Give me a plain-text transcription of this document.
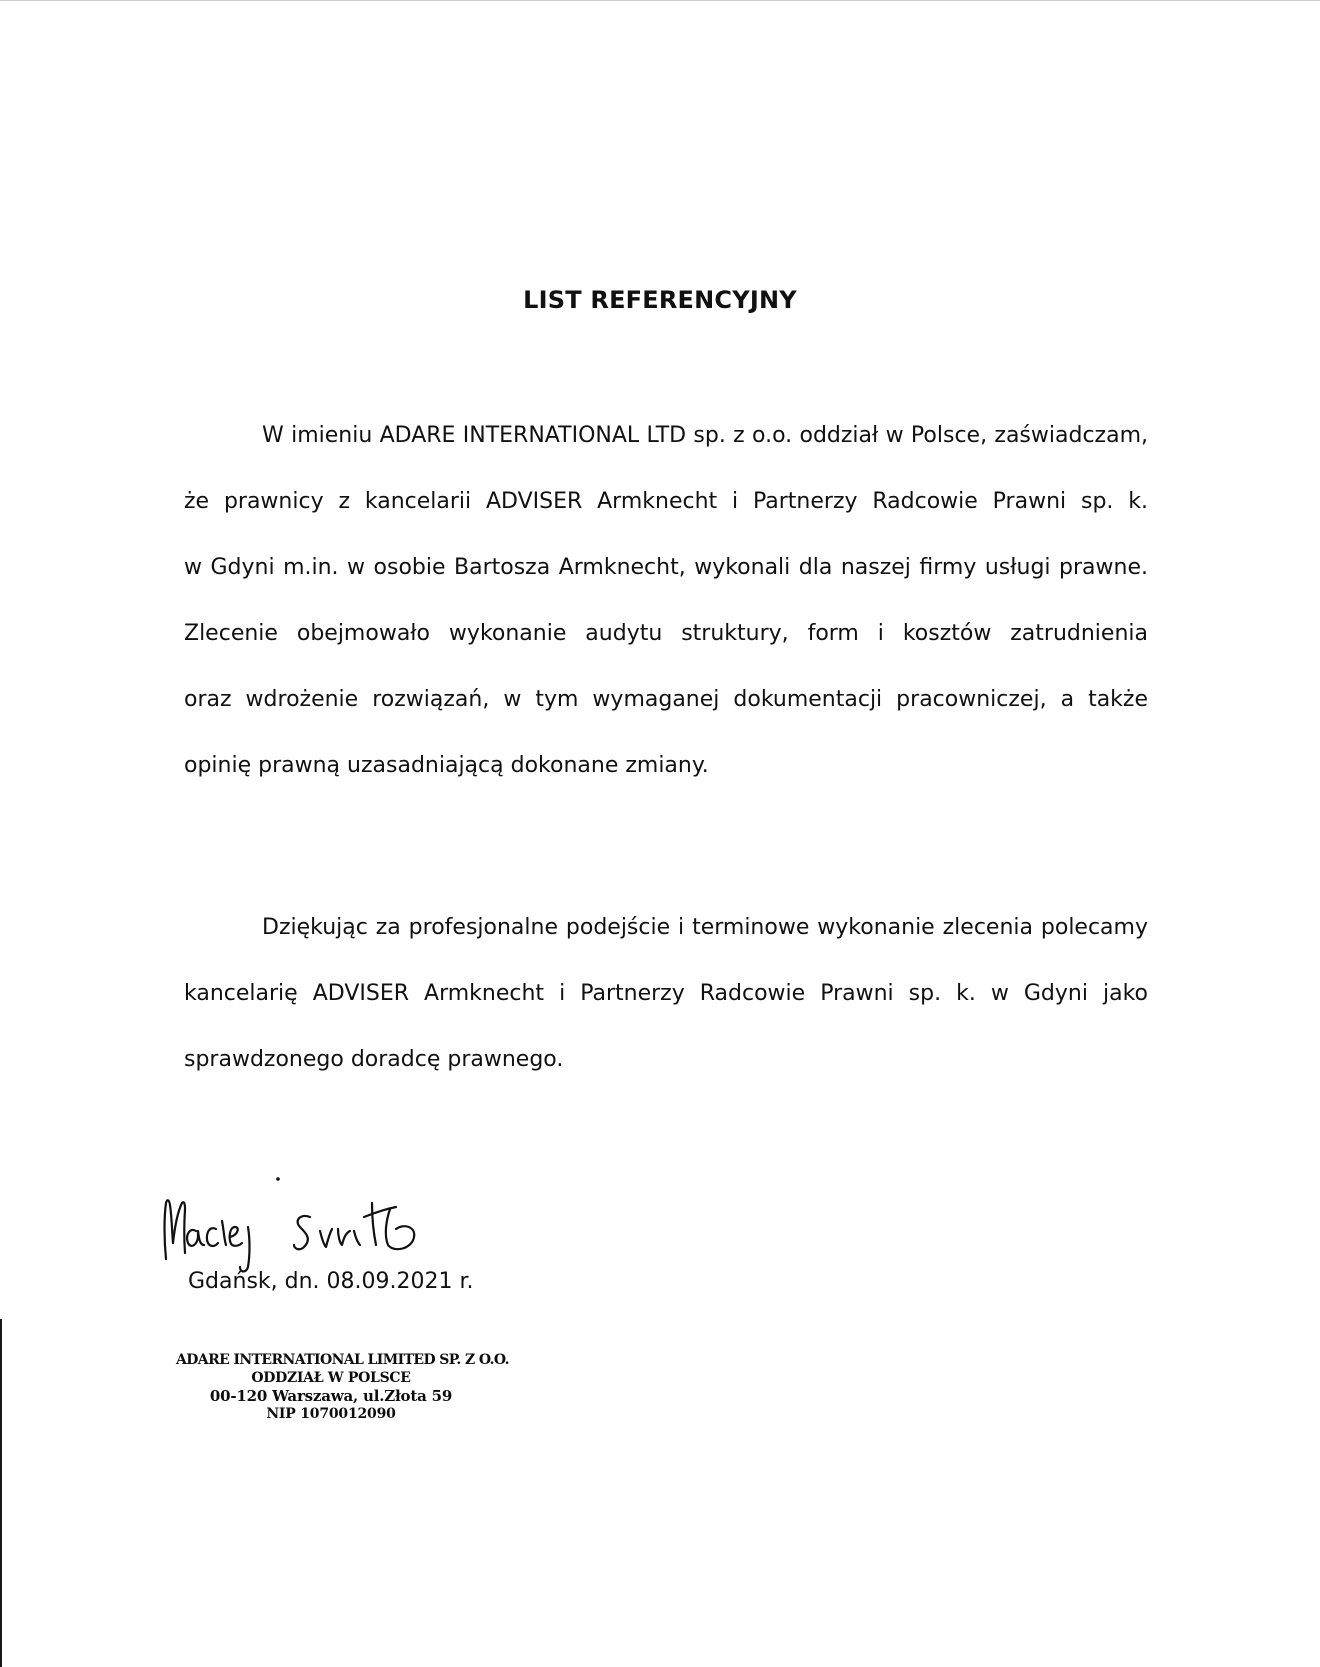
LIST REFERENCYJNY
W imieniu ADARE INTERNATIONAL LTD sp. z o.o. oddział w Polsce, zaświadczam,
że prawnicy z kancelarii ADVISER Armknecht i Partnerzy Radcowie Prawni sp. k.
w Gdyni m.in. w osobie Bartosza Armknecht, wykonali dla naszej firmy usługi prawne.
Zlecenie obejmowało wykonanie audytu struktury, form i kosztów zatrudnienia
oraz wdrożenie rozwiązań, w tym wymaganej dokumentacji pracowniczej, a także
opinię prawną uzasadniającą dokonane zmiany.
Dziękując za profesjonalne podejście i terminowe wykonanie zlecenia polecamy
kancelarię ADVISER Armknecht i Partnerzy Radcowie Prawni sp. k. w Gdyni jako
sprawdzonego doradcę prawnego.
Gdańsk, dn. 08.09.2021 r.
ADARE INTERNATIONAL LIMITED SP. Z O.O.
ODDZIAŁ W POLSCE
00-120 Warszawa, ul.Złota 59
NIP 1070012090
